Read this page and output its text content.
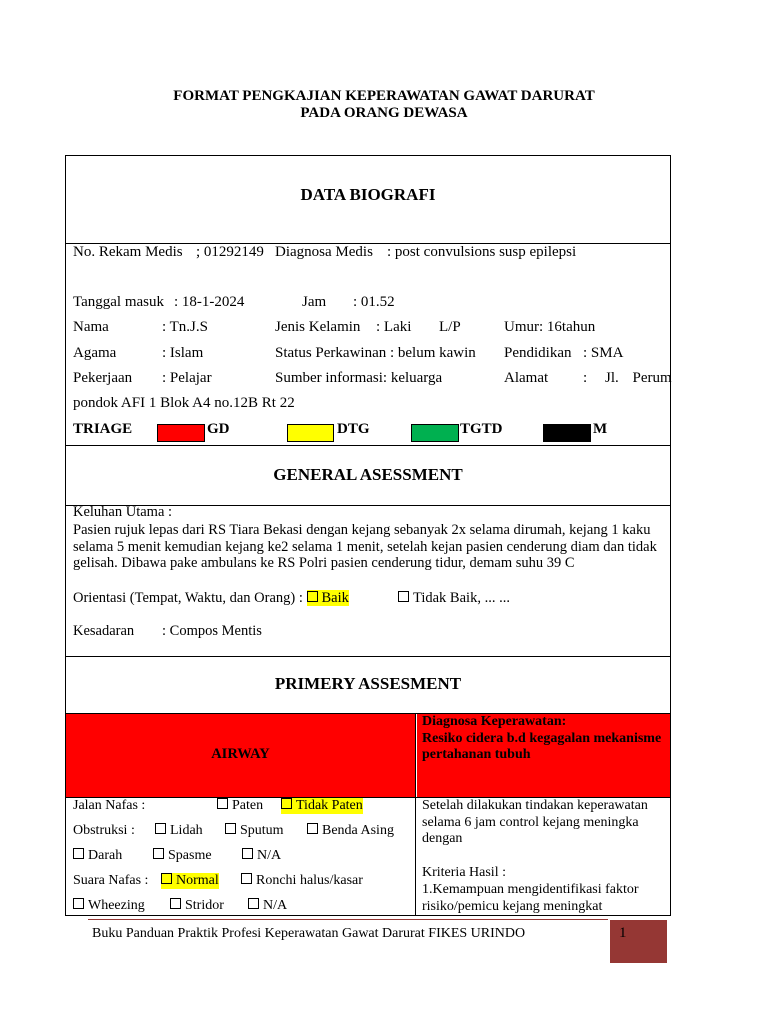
FORMAT PENGKAJIAN KEPERAWATAN GAWAT DARURAT
PADA ORANG DEWASA
DATA BIOGRAFI
No. Rekam Medis ; 01292149 Diagnosa Medis : post convulsions susp epilepsi
Tanggal masuk : 18-1-2024	Jam : 01.52
Nama	: Tn.J.S	Jenis Kelamin : Laki L/P	Umur: 16tahun
Agama	: Islam	Status Perkawinan : belum kawin Pendidikan : SMA
Pekerjaan : Pelajar	Sumber informasi: keluarga	Alamat : Jl. Perum
pondok AFI 1 Blok A4 no.12B Rt 22
TRIAGE	GD	DTG	TGTD	M
GENERAL ASESSMENT
Keluhan Utama :
Pasien rujuk lepas dari RS Tiara Bekasi dengan kejang sebanyak 2x selama dirumah, kejang 1 kaku selama 5 menit kemudian kejang ke2 selama 1 menit, setelah kejan pasien cenderung diam dan tidak gelisah. Dibawa pake ambulans ke RS Polri pasien cenderung tidur, demam suhu 39 C
Orientasi (Tempat, Waktu, dan Orang) : Baik	Tidak Baik, ... ...
Kesadaran : Compos Mentis
PRIMERY ASSESMENT
AIRWAY
Diagnosa Keperawatan:
Resiko cidera b.d kegagalan mekanisme pertahanan tubuh
Jalan Nafas :	Paten	Tidak Paten
Obstruksi :	Lidah	Sputum	Benda Asing
Darah	Spasme	N/A
Suara Nafas :	Normal	Ronchi halus/kasar
Wheezing	Stridor	N/A
Setelah dilakukan tindakan keperawatan selama 6 jam control kejang meningka dengan
Kriteria Hasil :
1.Kemampuan mengidentifikasi faktor risiko/pemicu kejang meningkat
Buku Panduan Praktik Profesi Keperawatan Gawat Darurat FIKES URINDO	1
